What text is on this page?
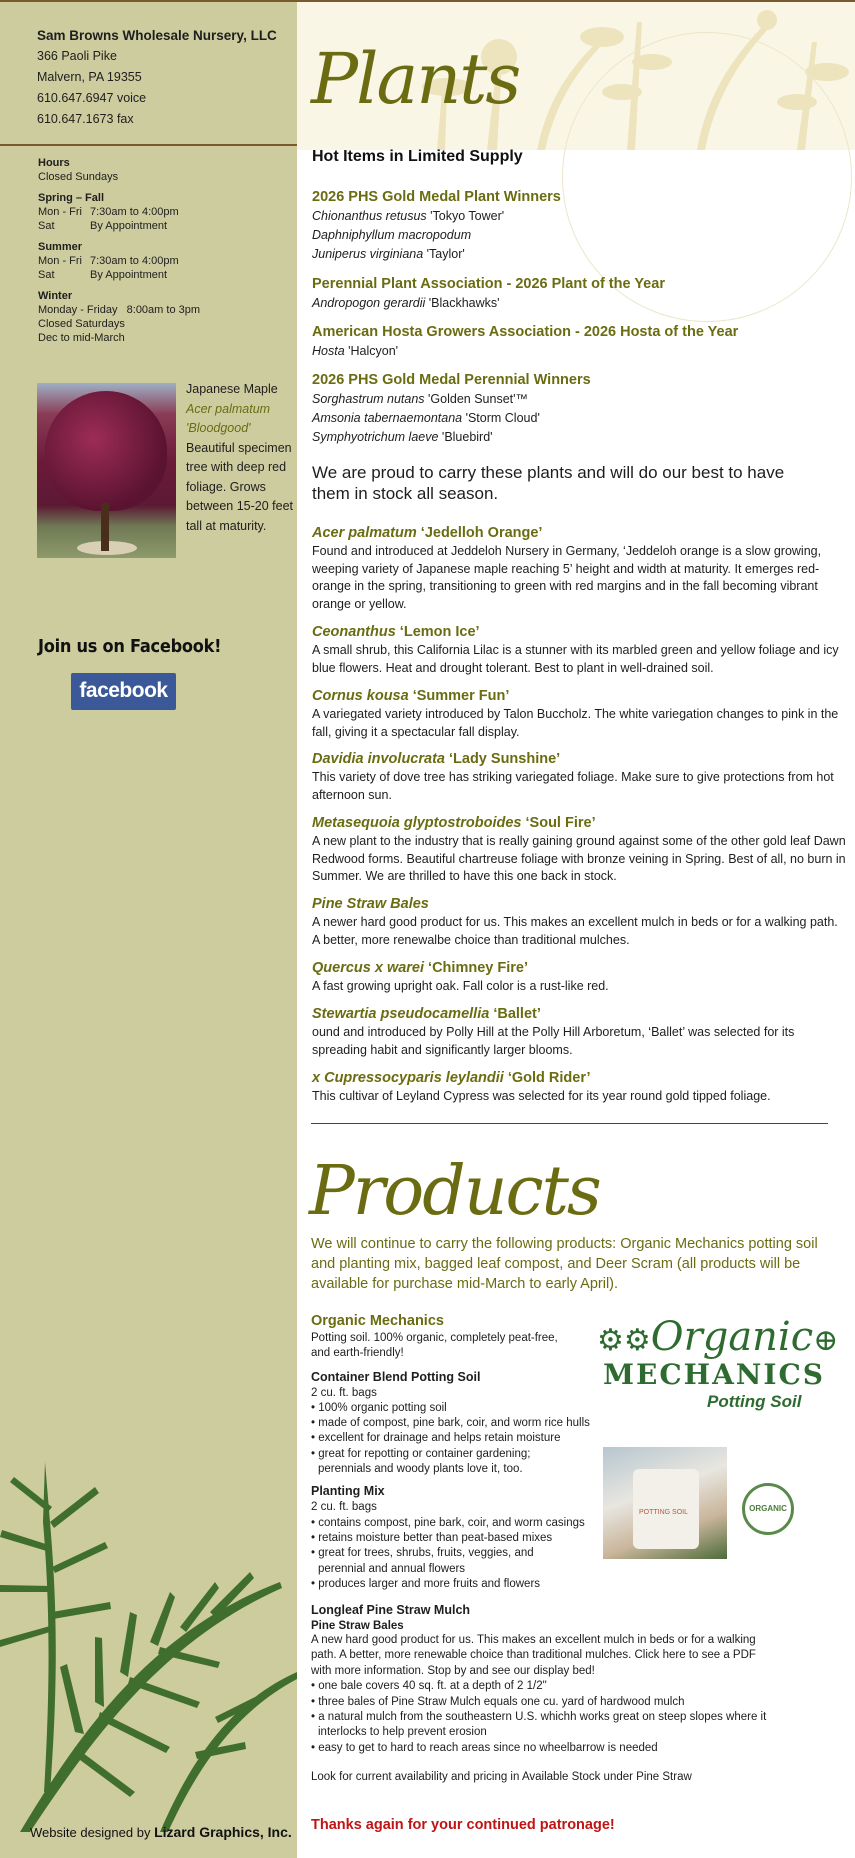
Sam Browns Wholesale Nursery, LLC
366 Paoli Pike
Malvern, PA 19355
610.647.6947 voice
610.647.1673 fax
Hours
Closed Sundays
Spring – Fall
Mon - Fri 7:30am to 4:00pm
Sat	By Appointment
Summer
Mon - Fri 7:30am to 4:00pm
Sat	By Appointment
Winter
Monday - Friday   8:00am to 3pm
Closed Saturdays
Dec to mid-March
Japanese Maple
Acer palmatum
'Bloodgood'
Beautiful specimen tree with deep red foliage. Grows between 15-20 feet tall at maturity.
Join us on Facebook!
facebook
Website designed by Lizard Graphics, Inc.
Plants
Hot Items in Limited Supply
2026 PHS Gold Medal Plant Winners
Chionanthus retusus 'Tokyo Tower'
Daphniphyllum macropodum
Juniperus virginiana 'Taylor'
Perennial Plant Association - 2026 Plant of the Year
Andropogon gerardii 'Blackhawks'
American Hosta Growers Association - 2026 Hosta of the Year
Hosta 'Halcyon'
2026 PHS Gold Medal Perennial Winners
Sorghastrum nutans 'Golden Sunset'™
Amsonia tabernaemontana 'Storm Cloud'
Symphyotrichum laeve 'Bluebird'
We are proud to carry these plants and will do our best to have them in stock all season.
Acer palmatum ‘Jedelloh Orange’
Found and introduced at Jeddeloh Nursery in Germany, ‘Jeddeloh orange is a slow growing, weeping variety of Japanese maple reaching 5’ height and width at maturity. It emerges red-orange in the spring, transitioning to green with red margins and in the fall becoming vibrant orange or yellow.
Ceonanthus ‘Lemon Ice’
A small shrub, this California Lilac is a stunner with its marbled green and yellow foliage and icy blue flowers. Heat and drought tolerant. Best to plant in well-drained soil.
Cornus kousa ‘Summer Fun’
A variegated variety introduced by Talon Buccholz. The white variegation changes to pink in the fall, giving it a spectacular fall display.
Davidia involucrata ‘Lady Sunshine’
This variety of dove tree has striking variegated foliage. Make sure to give protections from hot afternoon sun.
Metasequoia glyptostroboides ‘Soul Fire’
A new plant to the industry that is really gaining ground against some of the other gold leaf Dawn Redwood forms. Beautiful chartreuse foliage with bronze veining in Spring. Best of all, no burn in Summer. We are thrilled to have this one back in stock.
Pine Straw Bales
A newer hard good product for us. This makes an excellent mulch in beds or for a walking path. A better, more renewalbe choice than traditional mulches.
Quercus x warei ‘Chimney Fire’
A fast growing upright oak. Fall color is a rust-like red.
Stewartia pseudocamellia ‘Ballet’
ound and introduced by Polly Hill at the Polly Hill Arboretum, ‘Ballet’ was selected for its spreading habit and significantly larger blooms.
x Cupressocyparis leylandii ‘Gold Rider’
This cultivar of Leyland Cypress was selected for its year round gold tipped foliage.
Products
We will continue to carry the following products: Organic Mechanics potting soil and planting mix, bagged leaf compost, and Deer Scram (all products will be available for purchase mid-March to early April).
Organic Mechanics
Potting soil. 100% organic, completely peat-free, and earth-friendly!
Container Blend Potting Soil
2 cu. ft. bags
• 100% organic potting soil
• made of compost, pine bark, coir, and worm rice hulls
• excellent for drainage and helps retain moisture
• great for repotting or container gardening;
perennials and woody plants love it, too.
Planting Mix
2 cu. ft. bags
• contains compost, pine bark, coir, and worm casings
• retains moisture better than peat-based mixes
• great for trees, shrubs, fruits, veggies, and
perennial and annual flowers
• produces larger and more fruits and flowers
⚙⚙Organic⊕
MECHANICS
Potting Soil
POTTING SOIL	ORGANIC
Longleaf Pine Straw Mulch
Pine Straw Bales
A new hard good product for us. This makes an excellent mulch in beds or for a walking path. A better, more renewable choice than traditional mulches. Click here to see a PDF with more information. Stop by and see our display bed!
• one bale covers 40 sq. ft. at a depth of 2 1/2"
• three bales of Pine Straw Mulch equals one cu. yard of hardwood mulch
• a natural mulch from the southeastern U.S. whichh works great on steep slopes where it
interlocks to help prevent erosion
• easy to get to hard to reach areas since no wheelbarrow is needed
Look for current availability and pricing in Available Stock under Pine Straw
Thanks again for your continued patronage!
